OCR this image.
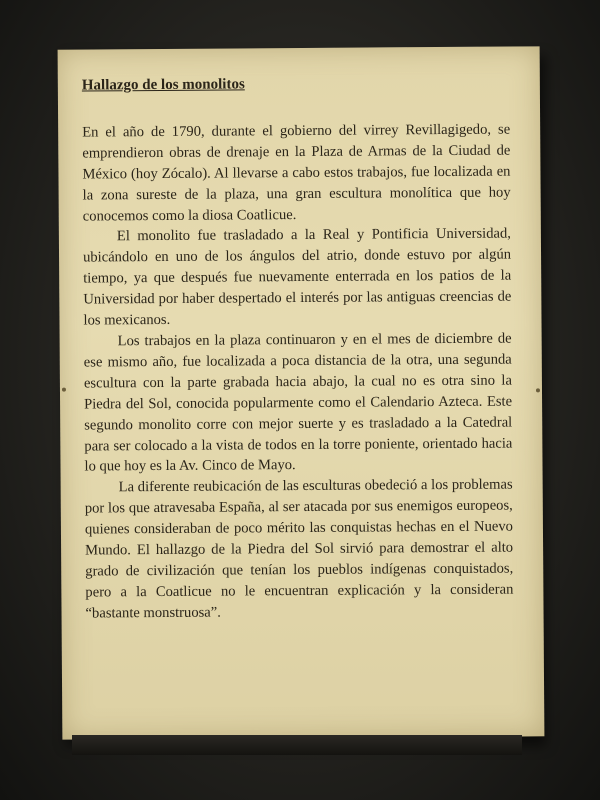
Hallazgo de los monolitos

En el año de 1790, durante el gobierno del virrey Revillagigedo, se emprendieron obras de drenaje en la Plaza de Armas de la Ciudad de México (hoy Zócalo). Al llevarse a cabo estos trabajos, fue localizada en la zona sureste de la plaza, una gran escultura monolítica que hoy conocemos como la diosa Coatlicue.

El monolito fue trasladado a la Real y Pontificia Universidad, ubicándolo en uno de los ángulos del atrio, donde estuvo por algún tiempo, ya que después fue nuevamente enterrada en los patios de la Universidad por haber despertado el interés por las antiguas creencias de los mexicanos.

Los trabajos en la plaza continuaron y en el mes de diciembre de ese mismo año, fue localizada a poca distancia de la otra, una segunda escultura con la parte grabada hacia abajo, la cual no es otra sino la Piedra del Sol, conocida popularmente como el Calendario Azteca. Este segundo monolito corre con mejor suerte y es trasladado a la Catedral para ser colocado a la vista de todos en la torre poniente, orientado hacia lo que hoy es la Av. Cinco de Mayo.

La diferente reubicación de las esculturas obedeció a los problemas por los que atravesaba España, al ser atacada por sus enemigos europeos, quienes consideraban de poco mérito las conquistas hechas en el Nuevo Mundo. El hallazgo de la Piedra del Sol sirvió para demostrar el alto grado de civilización que tenían los pueblos indígenas conquistados, pero a la Coatlicue no le encuentran explicación y la consideran “bastante monstruosa”.
